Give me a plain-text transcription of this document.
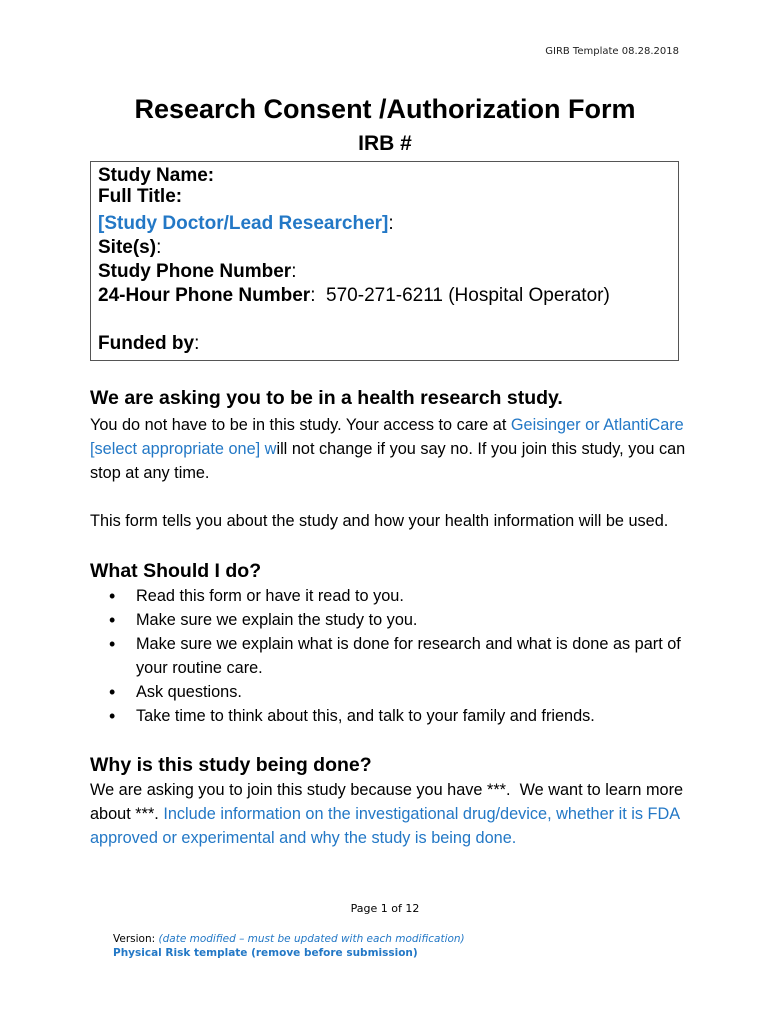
GIRB Template 08.28.2018
Research Consent /Authorization Form
IRB #
Study Name:
Full Title:
[Study Doctor/Lead Researcher]:
Site(s):
Study Phone Number:
24-Hour Phone Number:  570-271-6211 (Hospital Operator)
Funded by:
We are asking you to be in a health research study.
You do not have to be in this study. Your access to care at Geisinger or AtlantiCare [select appropriate one] will not change if you say no. If you join this study, you can stop at any time.
This form tells you about the study and how your health information will be used.
What Should I do?
• Read this form or have it read to you.
• Make sure we explain the study to you.
• Make sure we explain what is done for research and what is done as part of your routine care.
• Ask questions.
• Take time to think about this, and talk to your family and friends.
Why is this study being done?
We are asking you to join this study because you have ***.  We want to learn more about ***. Include information on the investigational drug/device, whether it is FDA approved or experimental and why the study is being done.
Page 1 of 12
Version: (date modified – must be updated with each modification)
Physical Risk template (remove before submission)
